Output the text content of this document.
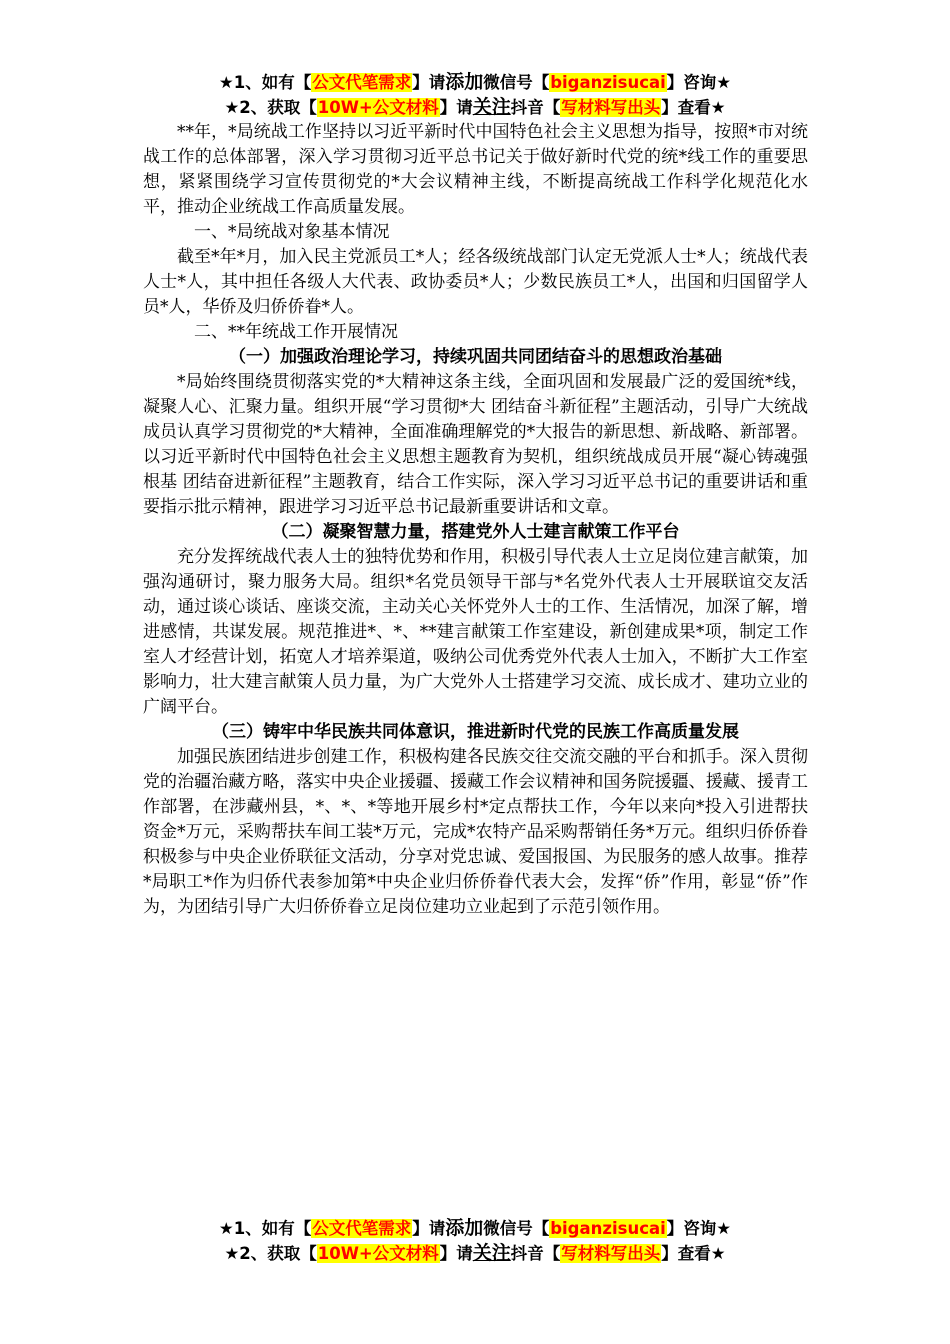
★1、如有【公文代笔需求】请添加微信号【biganzisucai】咨询★
★2、获取【10W+公文材料】请关注抖音【写材料写出头】查看★

**年，*局统战工作坚持以习近平新时代中国特色社会主义思想为指导，按照*市对统战工作的总体部署，深入学习贯彻习近平总书记关于做好新时代党的统*线工作的重要思想，紧紧围绕学习宣传贯彻党的*大会议精神主线，不断提高统战工作科学化规范化水平，推动企业统战工作高质量发展。

一、*局统战对象基本情况

截至*年*月，加入民主党派员工*人；经各级统战部门认定无党派人士*人；统战代表人士*人，其中担任各级人大代表、政协委员*人；少数民族员工*人，出国和归国留学人员*人，华侨及归侨侨眷*人。

二、**年统战工作开展情况

（一）加强政治理论学习，持续巩固共同团结奋斗的思想政治基础

*局始终围绕贯彻落实党的*大精神这条主线，全面巩固和发展最广泛的爱国统*线，凝聚人心、汇聚力量。组织开展“学习贯彻*大 团结奋斗新征程”主题活动，引导广大统战成员认真学习贯彻党的*大精神，全面准确理解党的*大报告的新思想、新战略、新部署。以习近平新时代中国特色社会主义思想主题教育为契机，组织统战成员开展“凝心铸魂强根基 团结奋进新征程”主题教育，结合工作实际，深入学习习近平总书记的重要讲话和重要指示批示精神，跟进学习习近平总书记最新重要讲话和文章。

（二）凝聚智慧力量，搭建党外人士建言献策工作平台

充分发挥统战代表人士的独特优势和作用，积极引导代表人士立足岗位建言献策，加强沟通研讨，聚力服务大局。组织*名党员领导干部与*名党外代表人士开展联谊交友活动，通过谈心谈话、座谈交流，主动关心关怀党外人士的工作、生活情况，加深了解，增进感情，共谋发展。规范推进*、*、**建言献策工作室建设，新创建成果*项，制定工作室人才经营计划，拓宽人才培养渠道，吸纳公司优秀党外代表人士加入，不断扩大工作室影响力，壮大建言献策人员力量，为广大党外人士搭建学习交流、成长成才、建功立业的广阔平台。

（三）铸牢中华民族共同体意识，推进新时代党的民族工作高质量发展

加强民族团结进步创建工作，积极构建各民族交往交流交融的平台和抓手。深入贯彻党的治疆治藏方略，落实中央企业援疆、援藏工作会议精神和国务院援疆、援藏、援青工作部署，在涉藏州县，*、*、*等地开展乡村*定点帮扶工作，今年以来向*投入引进帮扶资金*万元，采购帮扶车间工装*万元，完成*农特产品采购帮销任务*万元。组织归侨侨眷积极参与中央企业侨联征文活动，分享对党忠诚、爱国报国、为民服务的感人故事。推荐*局职工*作为归侨代表参加第*中央企业归侨侨眷代表大会，发挥“侨”作用，彰显“侨”作为，为团结引导广大归侨侨眷立足岗位建功立业起到了示范引领作用。

★1、如有【公文代笔需求】请添加微信号【biganzisucai】咨询★
★2、获取【10W+公文材料】请关注抖音【写材料写出头】查看★
